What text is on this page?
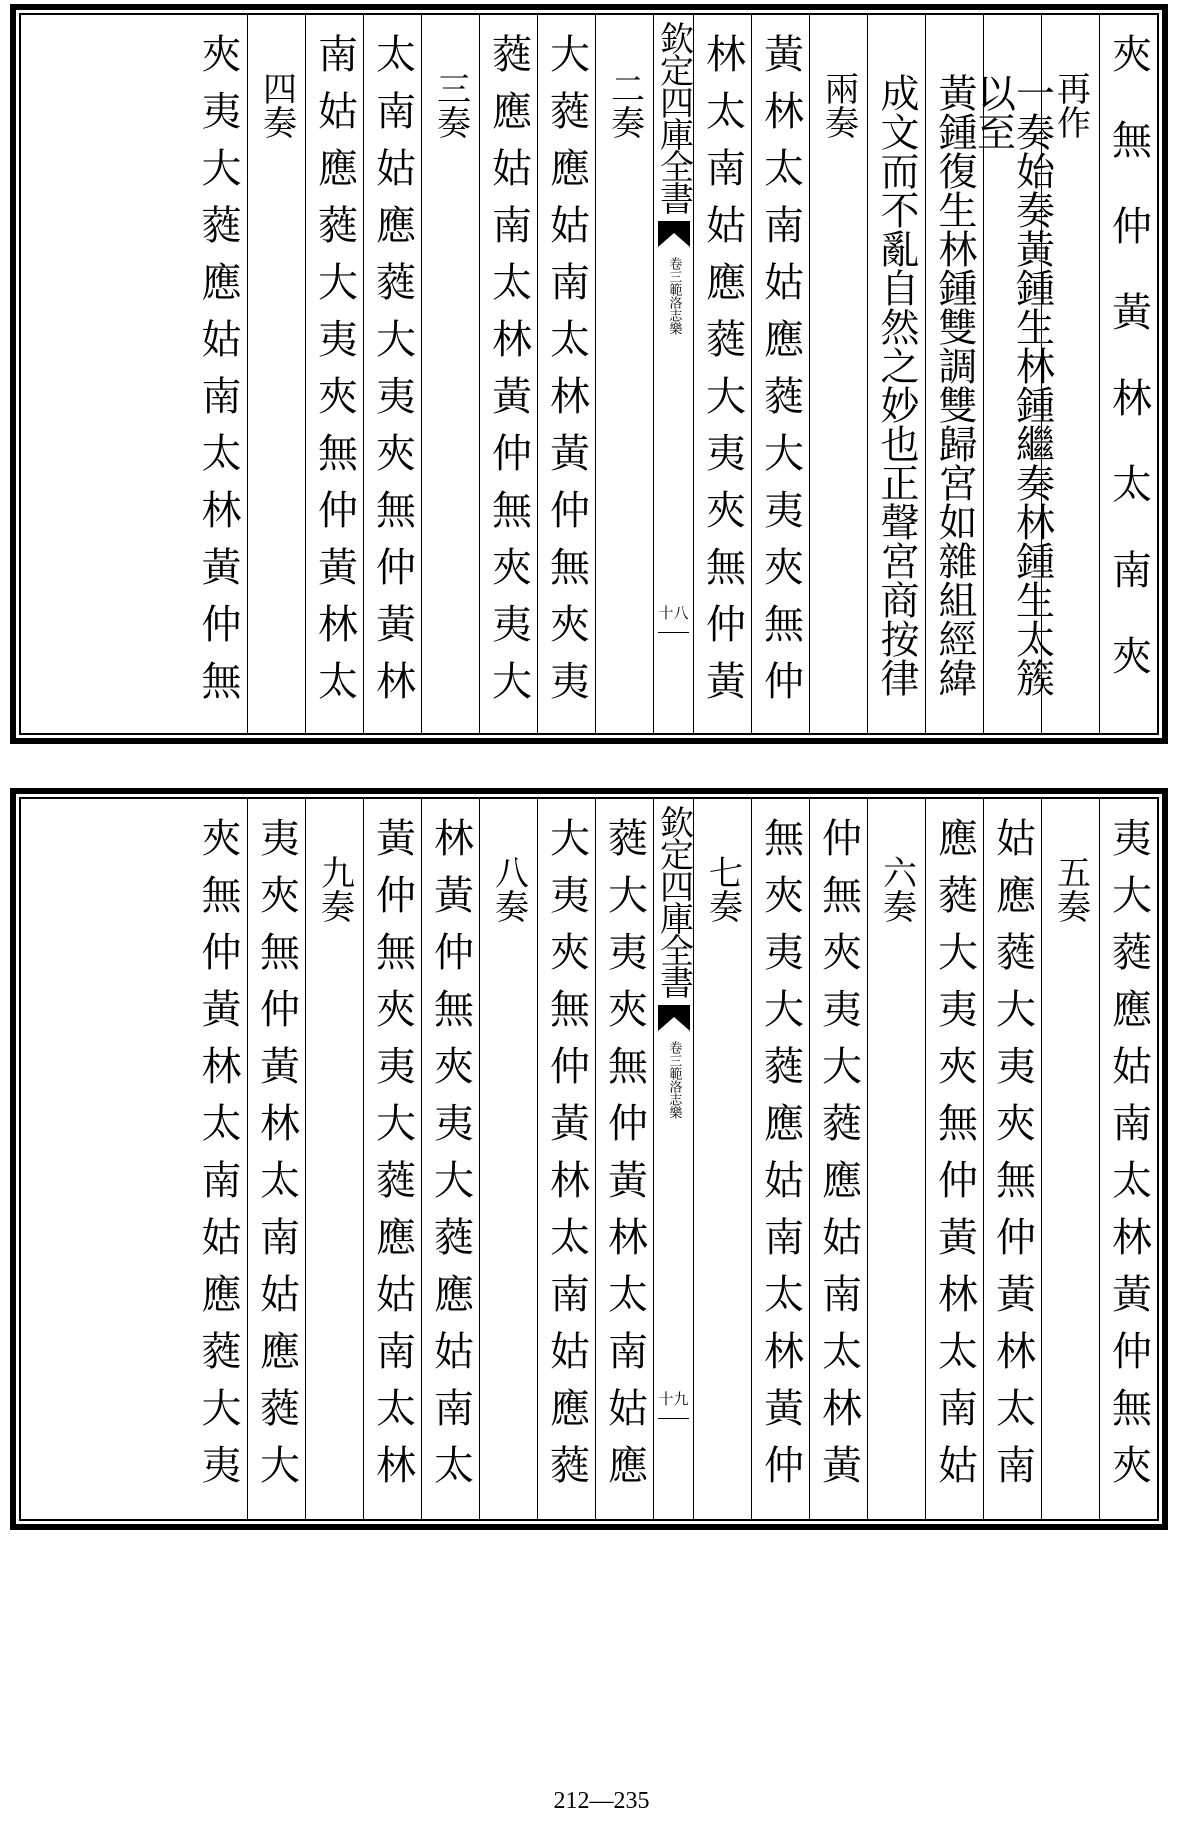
夾無仲黃林太南夾
再作
一奏始奏黃鍾生林鍾繼奏林鍾生太簇以至
黃鍾復生林鍾雙調雙歸宮如雜組經緯
成文而不亂自然之妙也正聲宮商按律
兩奏
黃林太南姑應蕤大夷夾無仲
林太南姑應蕤大夷夾無仲黃
欽定四庫全書
卷三
範洛志樂
十八
二奏
大蕤應姑南太林黃仲無夾夷
蕤應姑南太林黃仲無夾夷大
三奏
太南姑應蕤大夷夾無仲黃林
南姑應蕤大夷夾無仲黃林太
四奏
夾夷大蕤應姑南太林黃仲無
夷大蕤應姑南太林黃仲無夾
五奏
姑應蕤大夷夾無仲黃林太南
應蕤大夷夾無仲黃林太南姑
六奏
仲無夾夷大蕤應姑南太林黃
無夾夷大蕤應姑南太林黃仲
七奏
欽定四庫全書
卷三
範洛志樂
十九
蕤大夷夾無仲黃林太南姑應
大夷夾無仲黃林太南姑應蕤
八奏
林黃仲無夾夷大蕤應姑南太
黃仲無夾夷大蕤應姑南太林
九奏
夷夾無仲黃林太南姑應蕤大
夾無仲黃林太南姑應蕤大夷
212—235
